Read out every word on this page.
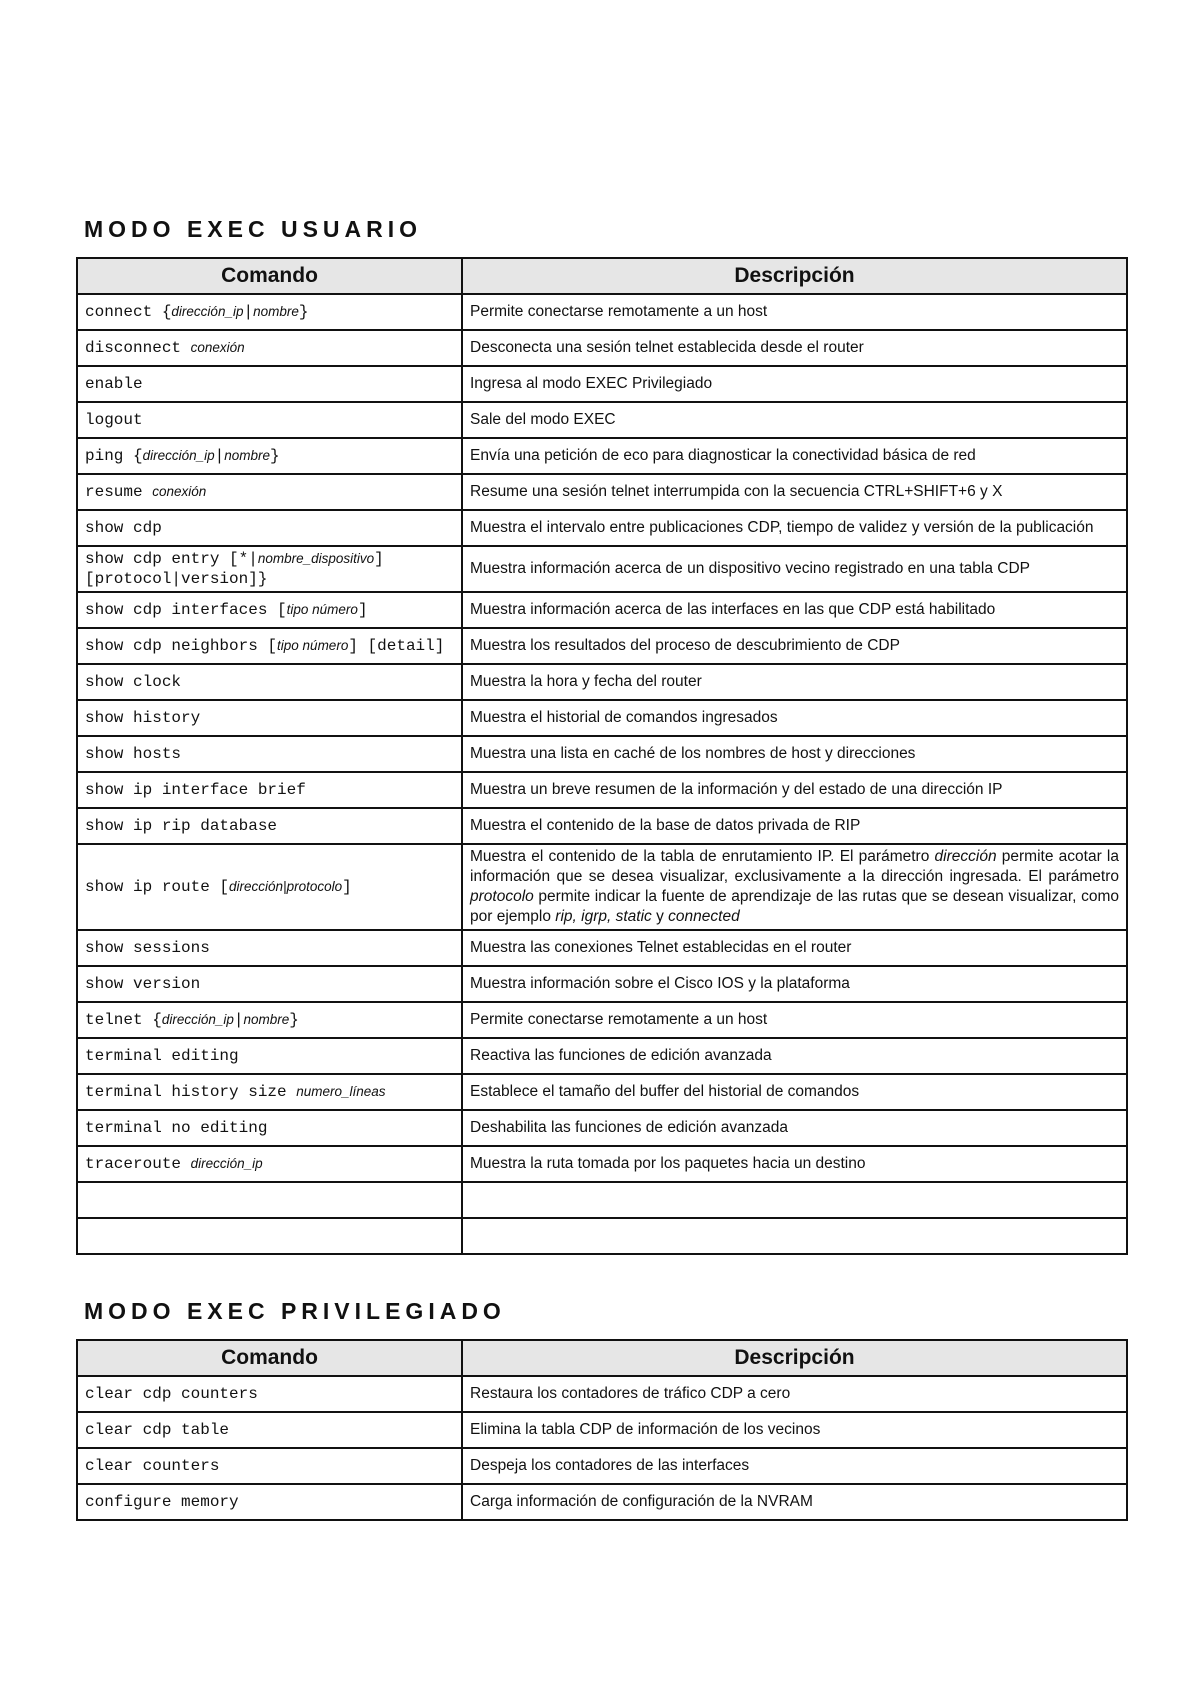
MODO EXEC USUARIO
Comando	Descripción
connect {dirección_ip|nombre}	Permite conectarse remotamente a un host
disconnect conexión	Desconecta una sesión telnet establecida desde el router
enable	Ingresa al modo EXEC Privilegiado
logout	Sale del modo EXEC
ping {dirección_ip|nombre}	Envía una petición de eco para diagnosticar la conectividad básica de red
resume conexión	Resume una sesión telnet interrumpida con la secuencia CTRL+SHIFT+6 y X
show cdp	Muestra el intervalo entre publicaciones CDP, tiempo de validez y versión de la publicación
show cdp entry [*|nombre_dispositivo] [protocol|version]}	Muestra información acerca de un dispositivo vecino registrado en una tabla CDP
show cdp interfaces [tipo número]	Muestra información acerca de las interfaces en las que CDP está habilitado
show cdp neighbors [tipo número] [detail]	Muestra los resultados del proceso de descubrimiento de CDP
show clock	Muestra la hora y fecha del router
show history	Muestra el historial de comandos ingresados
show hosts	Muestra una lista en caché de los nombres de host y direcciones
show ip interface brief	Muestra un breve resumen de la información y del estado de una dirección IP
show ip rip database	Muestra el contenido de la base de datos privada de RIP
show ip route [dirección|protocolo]	Muestra el contenido de la tabla de enrutamiento IP. El parámetro dirección permite acotar la información que se desea visualizar, exclusivamente a la dirección ingresada. El parámetro protocolo permite indicar la fuente de aprendizaje de las rutas que se desean visualizar, como por ejemplo rip, igrp, static y connected
show sessions	Muestra las conexiones Telnet establecidas en el router
show version	Muestra información sobre el Cisco IOS y la plataforma
telnet {dirección_ip|nombre}	Permite conectarse remotamente a un host
terminal editing	Reactiva las funciones de edición avanzada
terminal history size numero_líneas	Establece el tamaño del buffer del historial de comandos
terminal no editing	Deshabilita las funciones de edición avanzada
traceroute dirección_ip	Muestra la ruta tomada por los paquetes hacia un destino

MODO EXEC PRIVILEGIADO
Comando	Descripción
clear cdp counters	Restaura los contadores de tráfico CDP a cero
clear cdp table	Elimina la tabla CDP de información de los vecinos
clear counters	Despeja los contadores de las interfaces
configure memory	Carga información de configuración de la NVRAM
